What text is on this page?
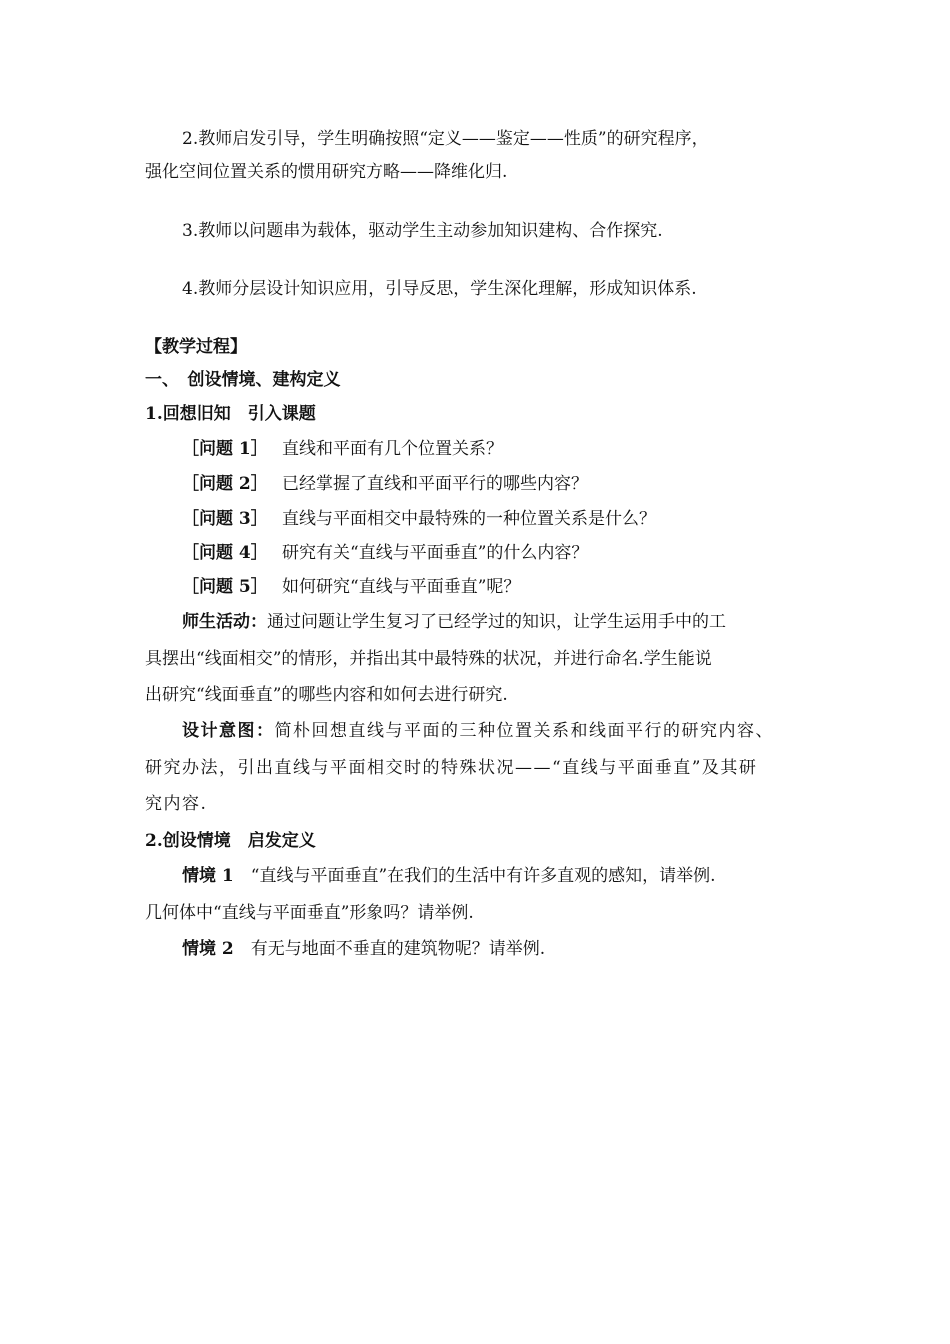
2.教师启发引导，学生明确按照“定义——鉴定——性质”的研究程序，
强化空间位置关系的惯用研究方略——降维化归.
3.教师以问题串为载体，驱动学生主动参加知识建构、合作探究.
4.教师分层设计知识应用，引导反思，学生深化理解，形成知识体系.
【教学过程】
一、　创设情境、建构定义
1.回想旧知　引入课题
［问题 1］ 直线和平面有几个位置关系？
［问题 2］ 已经掌握了直线和平面平行的哪些内容？
［问题 3］ 直线与平面相交中最特殊的一种位置关系是什么？
［问题 4］ 研究有关“直线与平面垂直”的什么内容？
［问题 5］ 如何研究“直线与平面垂直”呢？
师生活动：通过问题让学生复习了已经学过的知识，让学生运用手中的工
具摆出“线面相交”的情形，并指出其中最特殊的状况，并进行命名.学生能说
出研究“线面垂直”的哪些内容和如何去进行研究.
设计意图：简朴回想直线与平面的三种位置关系和线面平行的研究内容、
研究办法，引出直线与平面相交时的特殊状况——“直线与平面垂直”及其研
究内容.
2.创设情境　启发定义
情境 1　 “直线与平面垂直”在我们的生活中有许多直观的感知，请举例.
几何体中“直线与平面垂直”形象吗？请举例.
情境 2　 有无与地面不垂直的建筑物呢？请举例.
